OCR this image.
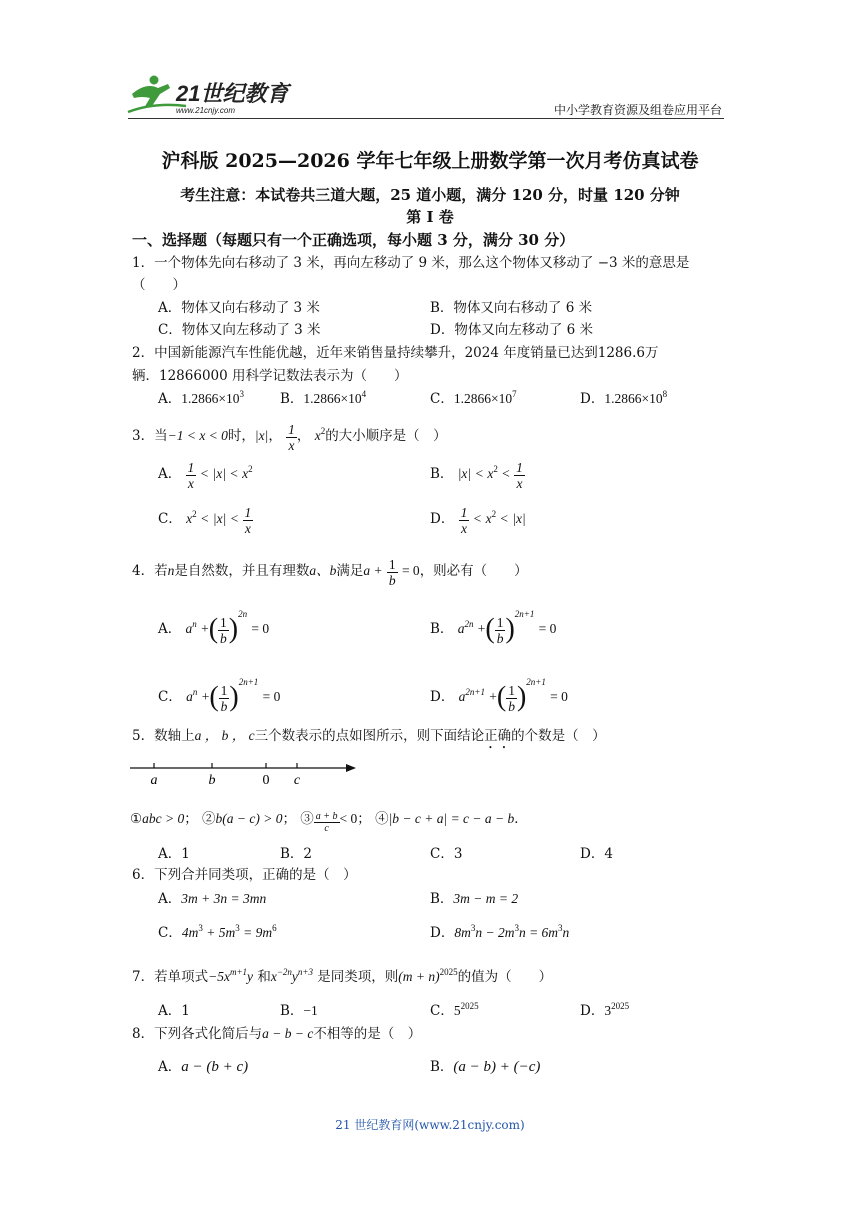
21世纪教育
www.21cnjy.com	中小学教育资源及组卷应用平台
沪科版 2025—2026 学年七年级上册数学第一次月考仿真试卷
考生注意：本试卷共三道大题，25 道小题，满分 120 分，时量 120 分钟
第 I 卷
一、选择题（每题只有一个正确选项，每小题 3 分，满分 30 分）
1．一个物体先向右移动了 3 米，再向左移动了 9 米，那么这个物体又移动了 −3 米的意思是
（　　）
A．物体又向右移动了 3 米	B．物体又向右移动了 6 米
C．物体又向左移动了 3 米	D．物体又向左移动了 6 米
2．中国新能源汽车性能优越，近年来销售量持续攀升，2024 年度销量已达到1286.6万
辆．12866000 用科学记数法表示为（　　）
A．$1.2866\times 10^3$	B．$1.2866\times 10^4$	C．$1.2866\times 10^7$	D．$1.2866\times 10^8$
3．当−1 < x < 0时，|x|， $\frac{1}{x}$ ， $x^2$的大小顺序是（　）
A． $\frac{1}{x} < |x| < x^2$	B． $|x| < x^2 < \frac{1}{x}$
C． $x^2 < |x| < \frac{1}{x}$	D． $\frac{1}{x} < x^2 < |x|$
4．若n是自然数，并且有理数a、b满足$a + \frac{1}{b} = 0$，则必有（　　）
A． $a^n$ +( $\frac{1}{b} )^{2n} = 0$	B． $a^{2n}$ +( $\frac{1}{b} )^{2n+1} = 0$
C． $a^n$ +( $\frac{1}{b} )^{2n+1} = 0$	D． $a^{2n+1}$ +( $\frac{1}{b} )^{2n+1} = 0$
5．数轴上a ， b ， c三个数表示的点如图所示，则下面结论正确的个数是（　）
a	b	0 c
①abc > 0； ②b(a − c) > 0； ③ $\frac{a + b}{c} < 0$； ④|b − c + a| = c − a − b．
A．1	B．2	C．3	D．4
6．下列合并同类项，正确的是（　）
A．3m + 3n = 3mn	B．3m − m = 2
C．$4m^3 + 5m^3 = 9m^6$	D．$8m^3n - 2m^3n = 6m^3n$
7．若单项式$-5x^{m+1}y$ 和$x^{-2n}y^{n+3}$ 是同类项，则$(m + n)^{2025}$的值为（　　）
A．1	B．−1	C．$5^{2025}$	D．$3^{2025}$
8．下列各式化简后与a − b − c不相等的是（　）
A．a − (b + c)	B．(a − b) + (−c)
21 世纪教育网(www.21cnjy.com)
